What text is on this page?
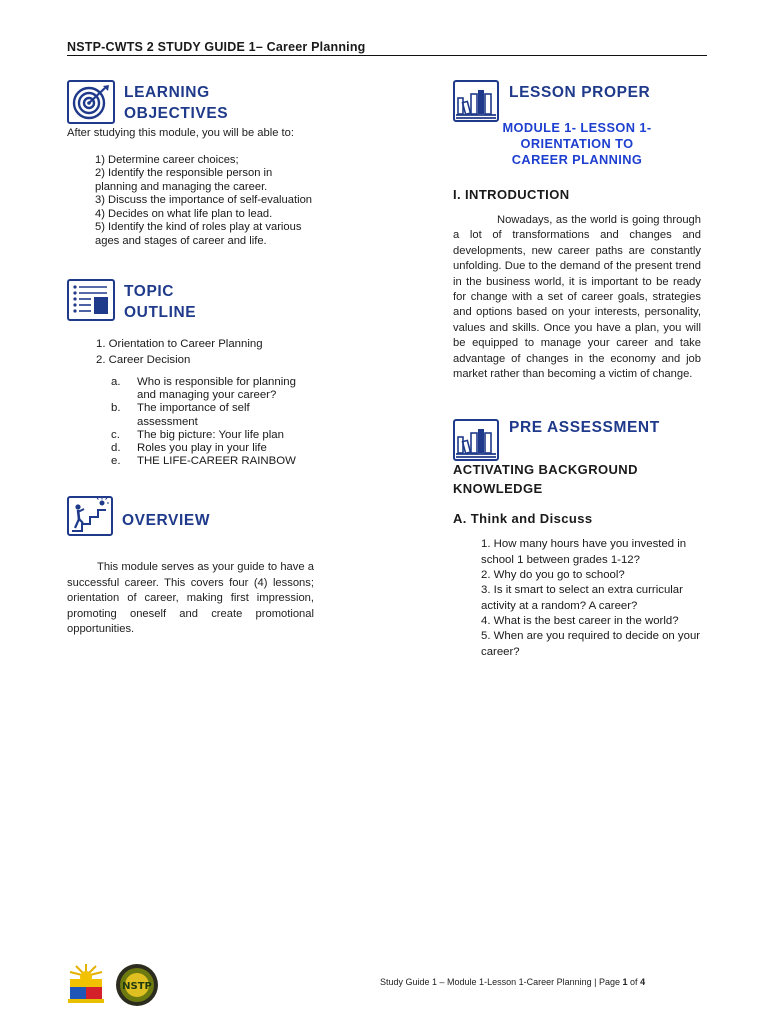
NSTP-CWTS 2 STUDY GUIDE 1– Career Planning
LEARNING
OBJECTIVES

After studying this module, you will be able to:

1) Determine career choices;
2) Identify the responsible person in planning and managing the career.
3) Discuss the importance of self-evaluation
4) Decides on what life plan to lead.
5) Identify the kind of roles play at various ages and stages of career and life.
TOPIC
OUTLINE
1. Orientation to Career Planning
2. Career Decision
a.	Who is responsible for planning and managing your career?
b.	The importance of self assessment
c.	The big picture: Your life plan
d.	Roles you play in your life
e.	THE LIFE-CAREER RAINBOW
OVERVIEW

This module serves as your guide to have a successful career. This covers four (4) lessons; orientation of career, making first impression, promoting oneself and create promotional opportunities.

LESSON PROPER
MODULE 1- LESSON 1-
ORIENTATION TO
CAREER PLANNING
I. INTRODUCTION

Nowadays, as the world is going through a lot of transformations and changes and developments, new career paths are constantly unfolding. Due to the demand of the present trend in the business world, it is important to be ready for change with a set of career goals, strategies and options based on your interests, personality, values and skills. Once you have a plan, you will be equipped to manage your career and take advantage of changes in the economy and job market rather than becoming a victim of change.

PRE ASSESSMENT
ACTIVATING BACKGROUND
KNOWLEDGE
A. Think and Discuss
1. How many hours have you invested in school 1 between grades 1-12?
2. Why do you go to school?
3. Is it smart to select an extra curricular activity at a random? A career?
4. What is the best career in the world?
5. When are you required to decide on your career?
NSTP	Study Guide 1 – Module 1-Lesson 1-Career Planning | Page 1 of 4
